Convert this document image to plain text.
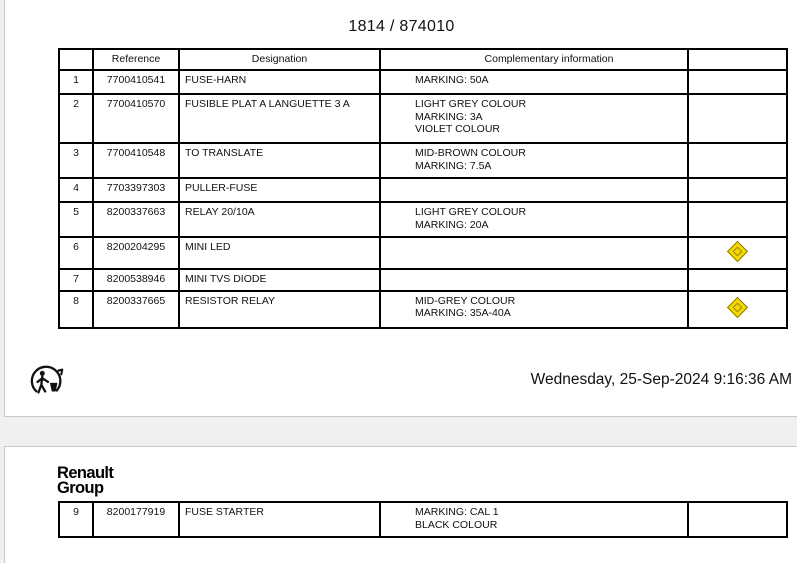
1814 / 874010
	Reference	Designation	Complementary information	
1	7700410541	FUSE-HARN	MARKING: 50A	

2	7700410570	FUSIBLE PLAT A LANGUETTE 3 A	LIGHT GREY COLOUR
MARKING: 3A
VIOLET COLOUR	

3	7700410548	TO TRANSLATE	MID-BROWN COLOUR
MARKING: 7.5A	

4	7703397303	PULLER-FUSE		
5	8200337663	RELAY 20/10A	LIGHT GREY COLOUR
MARKING: 20A	

6	8200204295	MINI LED		
7	8200538946	MINI TVS DIODE		
8	8200337665	RESISTOR RELAY	MID-GREY COLOUR
MARKING: 35A-40A	

Wednesday, 25-Sep-2024 9:16:36 AM
Renault
Group
9	8200177919	FUSE STARTER	MARKING: CAL 1
BLACK COLOUR
